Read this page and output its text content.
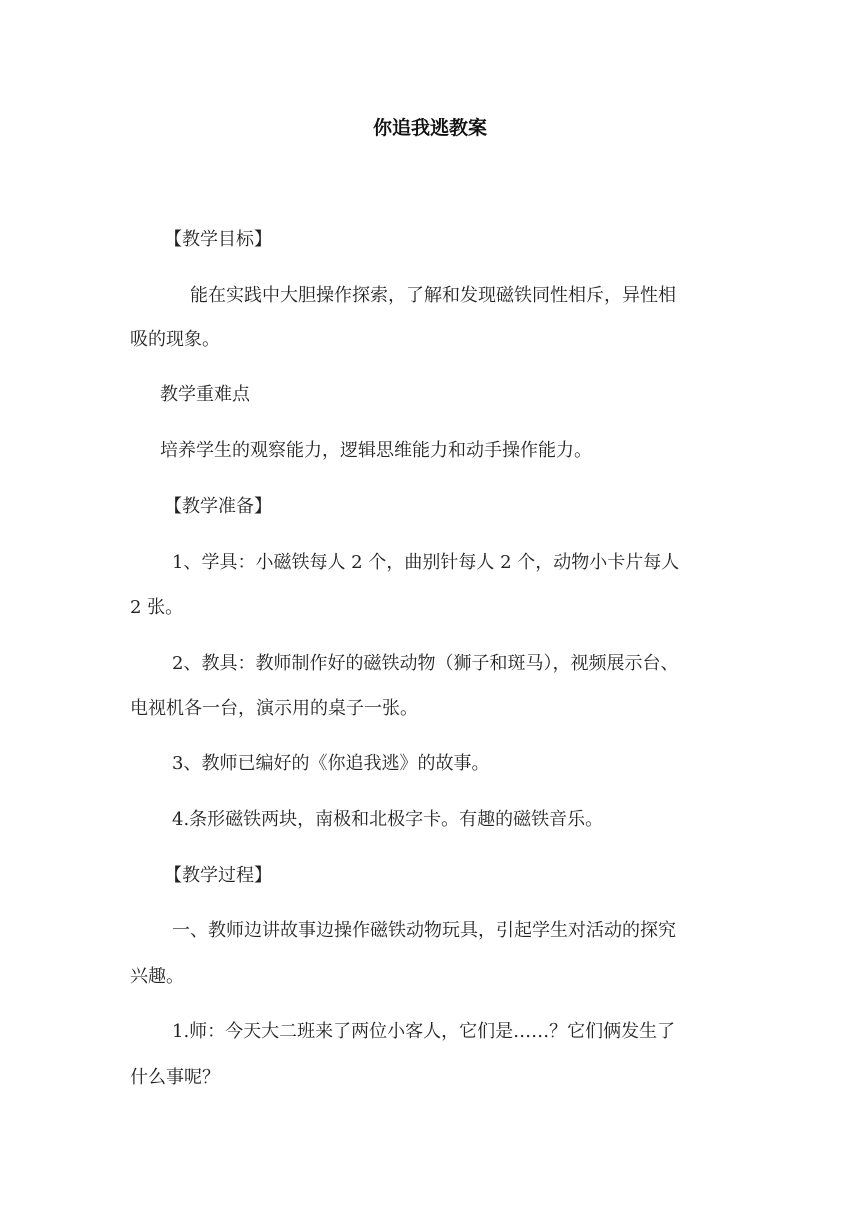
你追我逃教案
【教学目标】
能在实践中大胆操作探索，了解和发现磁铁同性相斥，异性相
吸的现象。
教学重难点
培养学生的观察能力，逻辑思维能力和动手操作能力。
【教学准备】
1、学具：小磁铁每人 2 个，曲别针每人 2 个，动物小卡片每人
2 张。
2、教具：教师制作好的磁铁动物（狮子和斑马），视频展示台、
电视机各一台，演示用的桌子一张。
3、教师已编好的《你追我逃》的故事。
4.条形磁铁两块，南极和北极字卡。有趣的磁铁音乐。
【教学过程】
一、教师边讲故事边操作磁铁动物玩具，引起学生对活动的探究
兴趣。
1.师：今天大二班来了两位小客人，它们是……？它们俩发生了
什么事呢？
